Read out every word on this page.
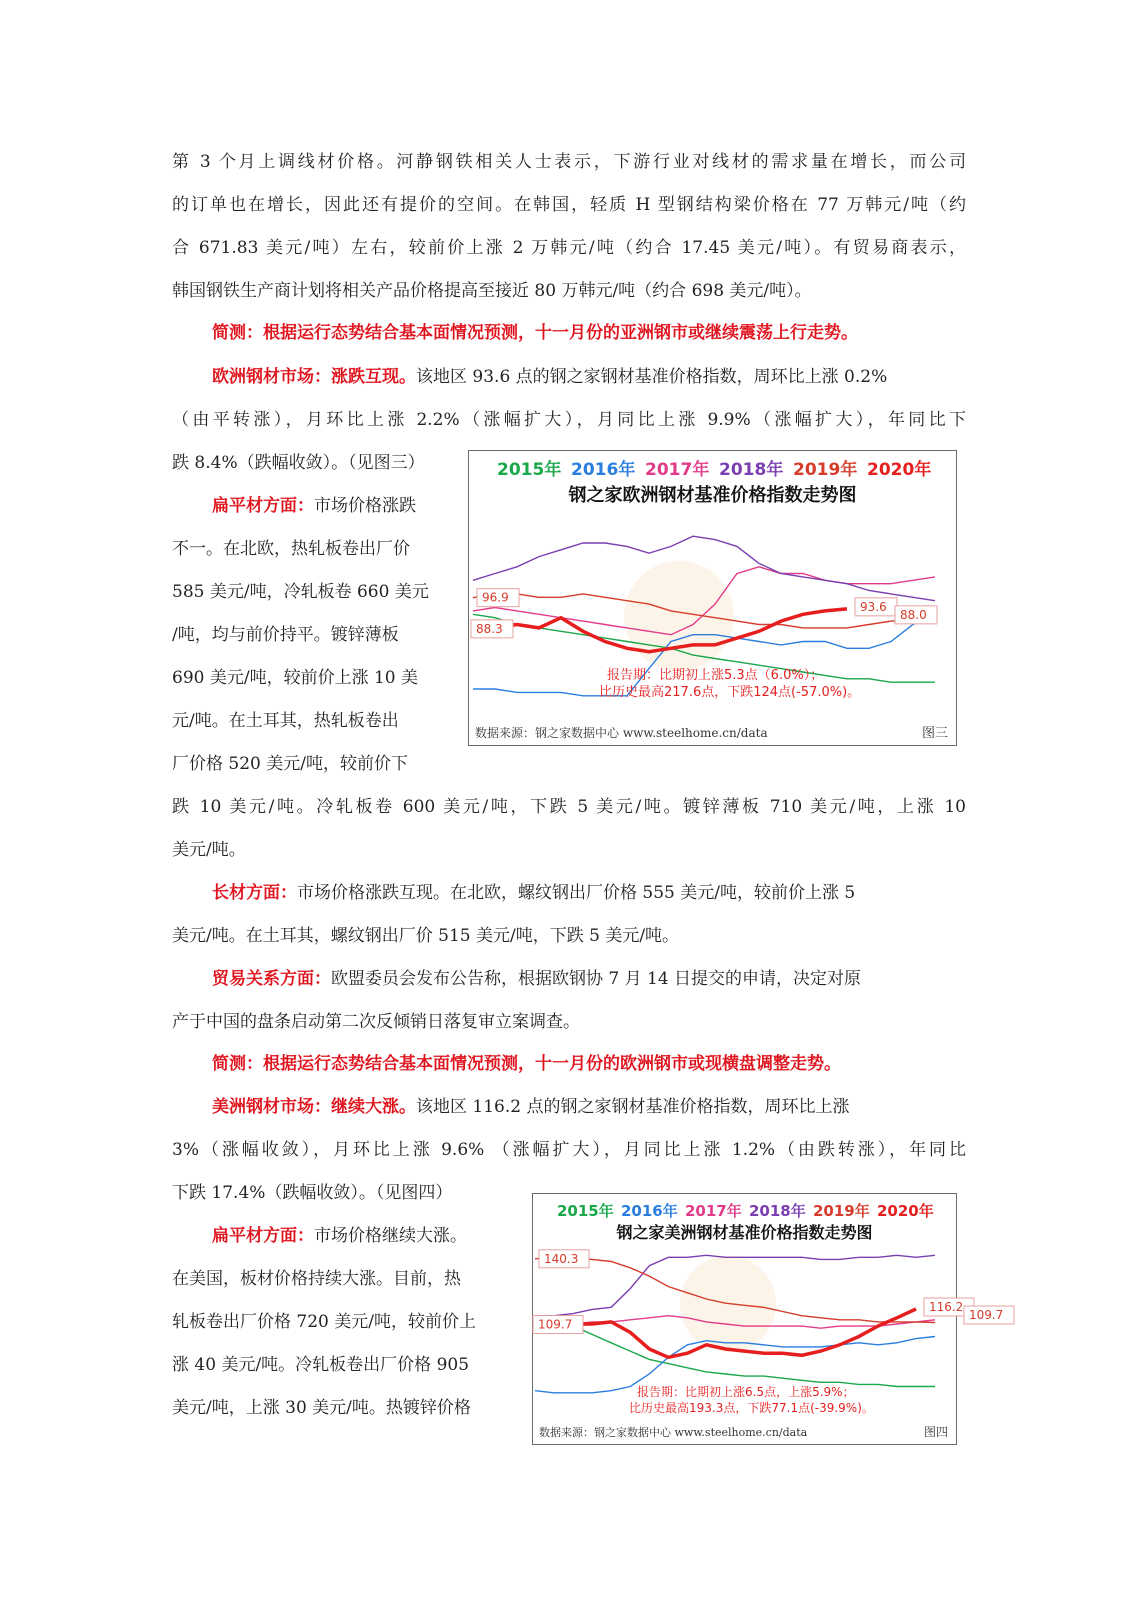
第 3 个月上调线材价格。河静钢铁相关人士表示，下游行业对线材的需求量在增长，而公司
的订单也在增长，因此还有提价的空间。在韩国，轻质 H 型钢结构梁价格在 77 万韩元/吨（约
合 671.83 美元/吨）左右，较前价上涨 2 万韩元/吨（约合 17.45 美元/吨）。有贸易商表示，
韩国钢铁生产商计划将相关产品价格提高至接近 80 万韩元/吨（约合 698 美元/吨）。
简测：根据运行态势结合基本面情况预测，十一月份的亚洲钢市或继续震荡上行走势。
欧洲钢材市场：涨跌互现。该地区 93.6 点的钢之家钢材基准价格指数，周环比上涨 0.2%
（由平转涨），月环比上涨 2.2%（涨幅扩大），月同比上涨 9.9%（涨幅扩大），年同比下
跌 8.4%（跌幅收敛）。（见图三）
扁平材方面：市场价格涨跌
不一。在北欧，热轧板卷出厂价
585 美元/吨，冷轧板卷 660 美元
/吨，均与前价持平。镀锌薄板
690 美元/吨，较前价上涨 10 美
元/吨。在土耳其，热轧板卷出
厂价格 520 美元/吨，较前价下
跌 10 美元/吨。冷轧板卷 600 美元/吨，下跌 5 美元/吨。镀锌薄板 710 美元/吨，上涨 10
美元/吨。
长材方面：市场价格涨跌互现。在北欧，螺纹钢出厂价格 555 美元/吨，较前价上涨 5
美元/吨。在土耳其，螺纹钢出厂价 515 美元/吨，下跌 5 美元/吨。
贸易关系方面：欧盟委员会发布公告称，根据欧钢协 7 月 14 日提交的申请，决定对原
产于中国的盘条启动第二次反倾销日落复审立案调查。
简测：根据运行态势结合基本面情况预测，十一月份的欧洲钢市或现横盘调整走势。
美洲钢材市场：继续大涨。该地区 116.2 点的钢之家钢材基准价格指数，周环比上涨
3%（涨幅收敛），月环比上涨 9.6% （涨幅扩大），月同比上涨 1.2%（由跌转涨），年同比
下跌 17.4%（跌幅收敛）。（见图四）
扁平材方面：市场价格继续大涨。
在美国，板材价格持续大涨。目前，热
轧板卷出厂价格 720 美元/吨，较前价上
涨 40 美元/吨。冷轧板卷出厂价格 905
美元/吨，上涨 30 美元/吨。热镀锌价格
2015年 2016年 2017年 2018年 2019年 2020年
钢之家欧洲钢材基准价格指数走势图
96.9
88.3
93.6
88.0
报告期：比期初上涨5.3点（6.0%）；
比历史最高217.6点，下跌124点(-57.0%)。
数据来源：钢之家数据中心 www.steelhome.cn/data	图三
2015年 2016年 2017年 2018年 2019年 2020年
钢之家美洲钢材基准价格指数走势图
140.3
109.7
116.2
109.7
报告期：比期初上涨6.5点，上涨5.9%；
比历史最高193.3点，下跌77.1点(-39.9%)。
数据来源：钢之家数据中心 www.steelhome.cn/data	图四
